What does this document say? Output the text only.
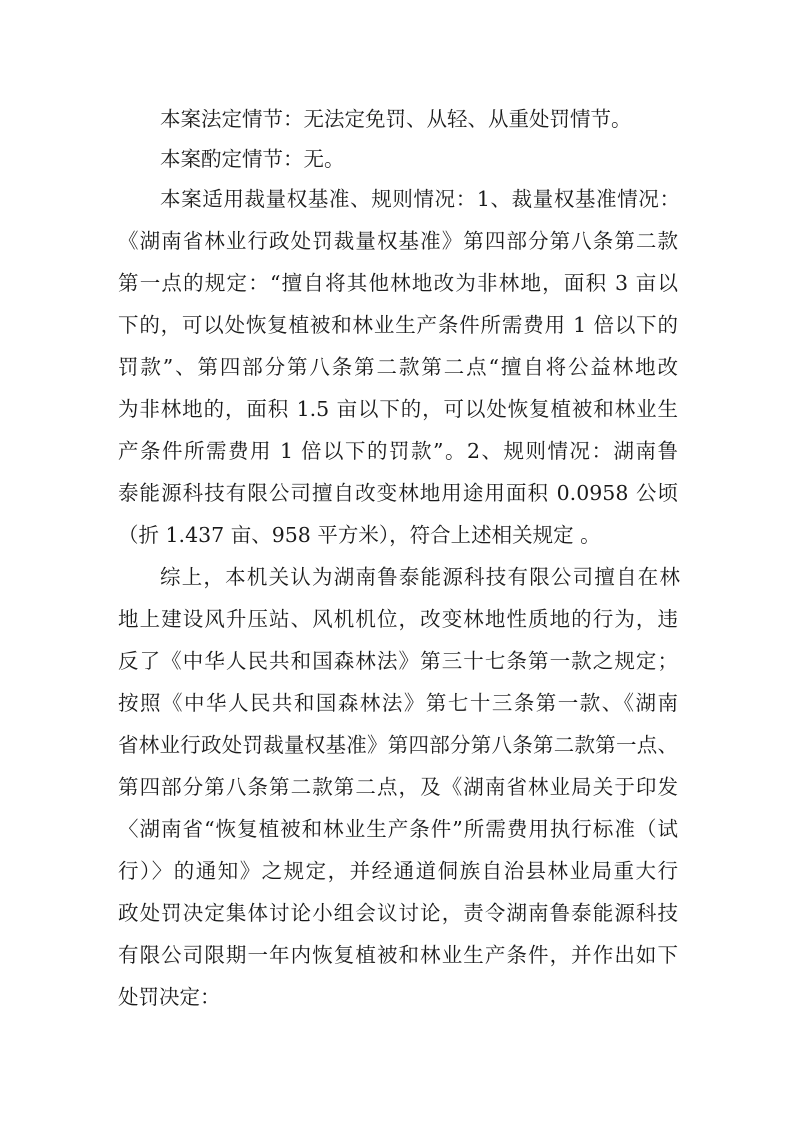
本案法定情节：无法定免罚、从轻、从重处罚情节。
本案酌定情节：无。
本案适用裁量权基准、规则情况：1、裁量权基准情况：
《湖南省林业行政处罚裁量权基准》第四部分第八条第二款
第一点的规定：“擅自将其他林地改为非林地，面积 3 亩以
下的，可以处恢复植被和林业生产条件所需费用 1 倍以下的
罚款”、第四部分第八条第二款第二点“擅自将公益林地改
为非林地的，面积 1.5 亩以下的，可以处恢复植被和林业生
产条件所需费用 1 倍以下的罚款”。2、规则情况：湖南鲁
泰能源科技有限公司擅自改变林地用途用面积 0.0958 公顷
（折 1.437 亩、958 平方米），符合上述相关规定 。
综上，本机关认为湖南鲁泰能源科技有限公司擅自在林
地上建设风升压站、风机机位，改变林地性质地的行为，违
反了《中华人民共和国森林法》第三十七条第一款之规定；
按照《中华人民共和国森林法》第七十三条第一款、《湖南
省林业行政处罚裁量权基准》第四部分第八条第二款第一点、
第四部分第八条第二款第二点，及《湖南省林业局关于印发
〈湖南省“恢复植被和林业生产条件”所需费用执行标准（试
行）〉的通知》之规定，并经通道侗族自治县林业局重大行
政处罚决定集体讨论小组会议讨论，责令湖南鲁泰能源科技
有限公司限期一年内恢复植被和林业生产条件，并作出如下
处罚决定：
